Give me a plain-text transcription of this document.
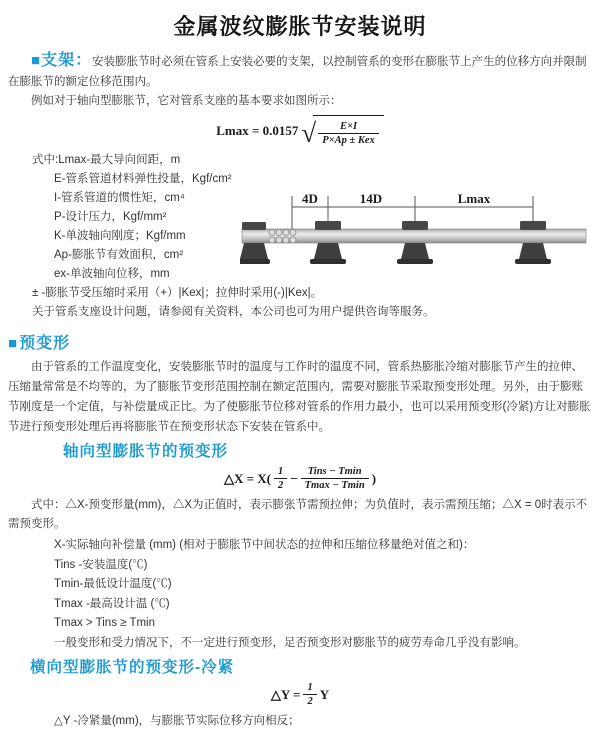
金属波纹膨胀节安装说明

■支架：安装膨胀节时必须在管系上安装必要的支架，以控制管系的变形在膨胀节上产生的位移方向并限制在膨胀节的额定位移范围内。

例如对于轴向型膨胀节，它对管系支座的基本要求如图所示：

Lmax = 0.0157 √ $\frac{E\times I}{\text{P×Ap ± Kex}}$
式中:Lmax-最大导向间距，m
E-管系管道材料弹性投量，Kgf/cm²
I-管系管道的惯性矩，cm⁴
P-设计压力，Kgf/mm²
K-单波轴向刚度；Kgf/mm
Ap-膨胀节有效面积，cm²
ex-单波轴向位移，mm
4D	14D	Lmax
± -膨胀节受压缩时采用（+）|Kex|；拉伸时采用(-)|Kex|。
关于管系支座设计问题，请参阅有关资料，本公司也可为用户提供咨询等服务。
■预变形

由于管系的工作温度变化，安装膨胀节时的温度与工作时的温度不同，管系热膨胀冷缩对膨胀节产生的拉伸、压缩量常常是不均等的，为了膨胀节变形范围控制在额定范围内，需要对膨胀节采取预变形处理。另外，由于膨账节刚度是一个定值，与补偿量成正比。为了使膨胀节位移对管系的作用力最小，也可以采用预变形(冷紧)方让对膨胀节进行预变形处理后再将膨胀节在预变形状态下安装在管系中。

轴向型膨胀节的预变形
△X = $X( \frac{1}{2} - \frac{\text{Tins − Tmin}}{Tmax - Tmin}$ )

式中：△X-预变形量(mm)，△X为正值时，表示膨张节需预拉伸；为负值时，表示需预压缩；△X = 0时表示不需预变形。

X-实际轴向补偿量 (mm) (相对于膨胀节中间状态的拉伸和压缩位移量绝对值之和)：
Tins -安装温度(℃)
Tmin-最低设计温度(℃)
Tmax -最高设计温 (℃)
Tmax > Tins ≥ Tmin
一般变形和受力情况下，不一定进行预变形，足否预变形对膨胀节的疲劳寿命几乎没有影响。
横向型膨胀节的预变形-冷紧
△Y = $\frac{1}{2}$ Y
△Y -冷紧量(mm)，与膨胀节实际位移方向相反；
